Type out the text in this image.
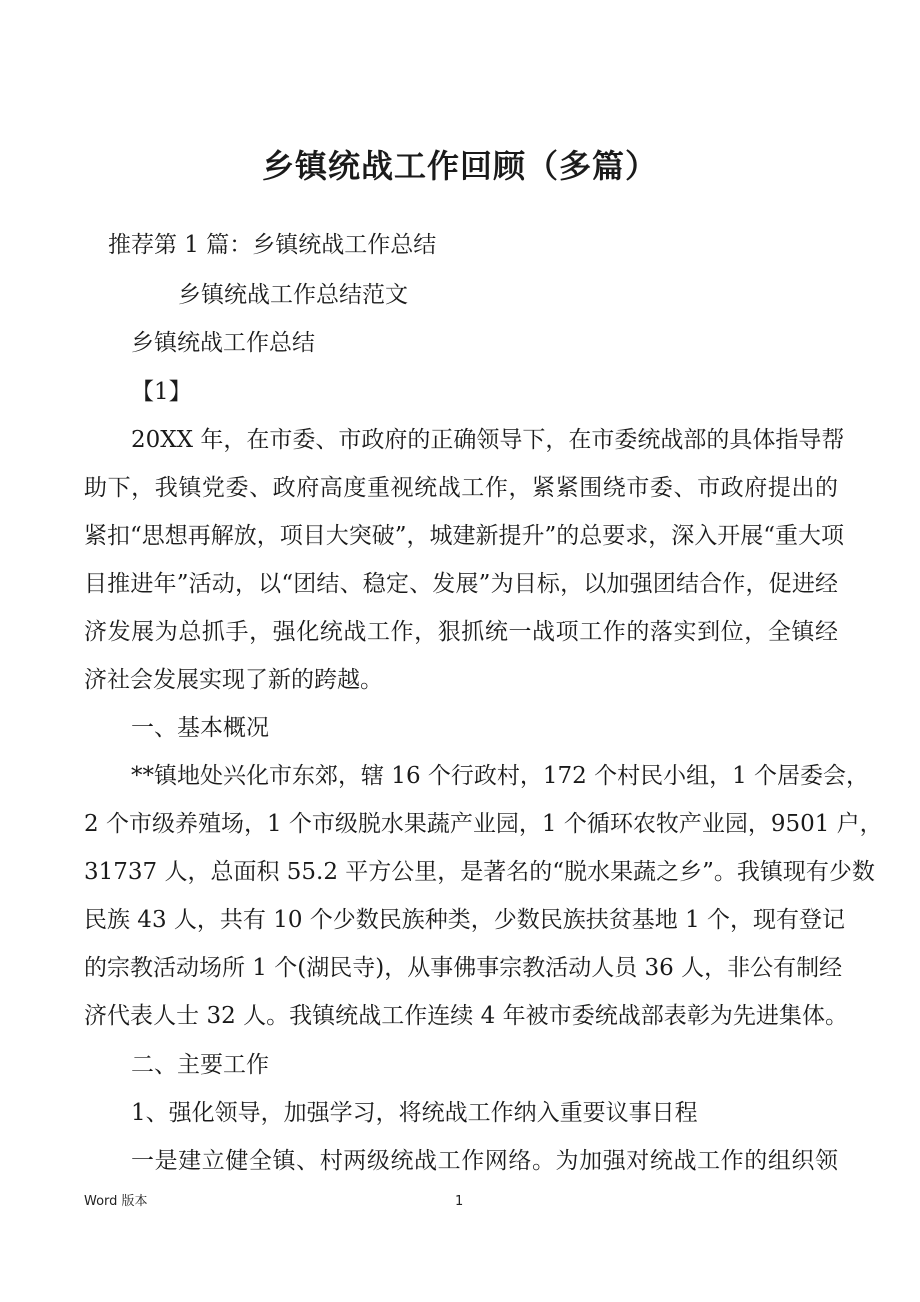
乡镇统战工作回顾（多篇）
推荐第 1 篇：乡镇统战工作总结
乡镇统战工作总结范文
乡镇统战工作总结
【1】
20XX 年，在市委、市政府的正确领导下，在市委统战部的具体指导帮
助下，我镇党委、政府高度重视统战工作，紧紧围绕市委、市政府提出的
紧扣“思想再解放，项目大突破”，城建新提升”的总要求，深入开展“重大项
目推进年”活动，以“团结、稳定、发展”为目标，以加强团结合作，促进经
济发展为总抓手，强化统战工作，狠抓统一战项工作的落实到位，全镇经
济社会发展实现了新的跨越。
一、基本概况
**镇地处兴化市东郊，辖 16 个行政村，172 个村民小组，1 个居委会，
2 个市级养殖场，1 个市级脱水果蔬产业园，1 个循环农牧产业园，9501 户，
31737 人，总面积 55.2 平方公里，是著名的“脱水果蔬之乡”。我镇现有少数
民族 43 人，共有 10 个少数民族种类，少数民族扶贫基地 1 个，现有登记
的宗教活动场所 1 个(湖民寺)，从事佛事宗教活动人员 36 人，非公有制经
济代表人士 32 人。我镇统战工作连续 4 年被市委统战部表彰为先进集体。
二、主要工作
1、强化领导，加强学习，将统战工作纳入重要议事日程
一是建立健全镇、村两级统战工作网络。为加强对统战工作的组织领
Word 版本	1
